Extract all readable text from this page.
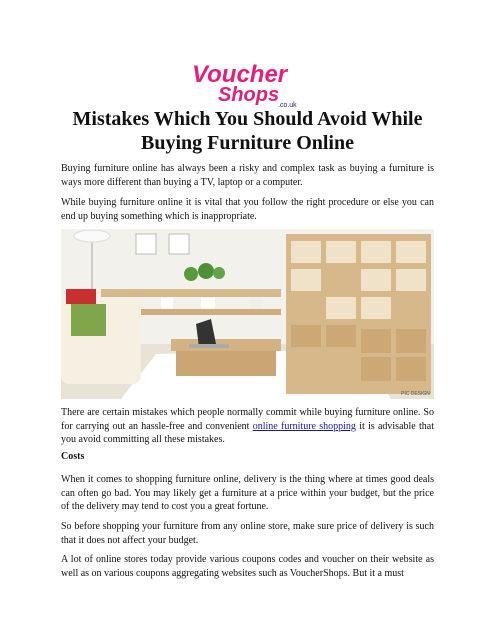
Voucher
Shops
.co.uk
Mistakes Which You Should Avoid While Buying Furniture Online

Buying furniture online has always been a risky and complex task as buying a furniture is ways more different than buying a TV, laptop or a computer.

While buying furniture online it is vital that you follow the right procedure or else you can end up buying something which is inappropriate.

PIC DESIGN

There are certain mistakes which people normally commit while buying furniture online. So for carrying out an hassle-free and convenient online furniture shopping it is advisable that you avoid committing all these mistakes.

Costs

When it comes to shopping furniture online, delivery is the thing where at times good deals can often go bad. You may likely get a furniture at a price within your budget, but the price of the delivery may tend to cost you a great fortune.

So before shopping your furniture from any online store, make sure price of delivery is such that it does not affect your budget.

A lot of online stores today provide various coupons codes and voucher on their website as well as on various coupons aggregating websites such as VoucherShops. But it a must
